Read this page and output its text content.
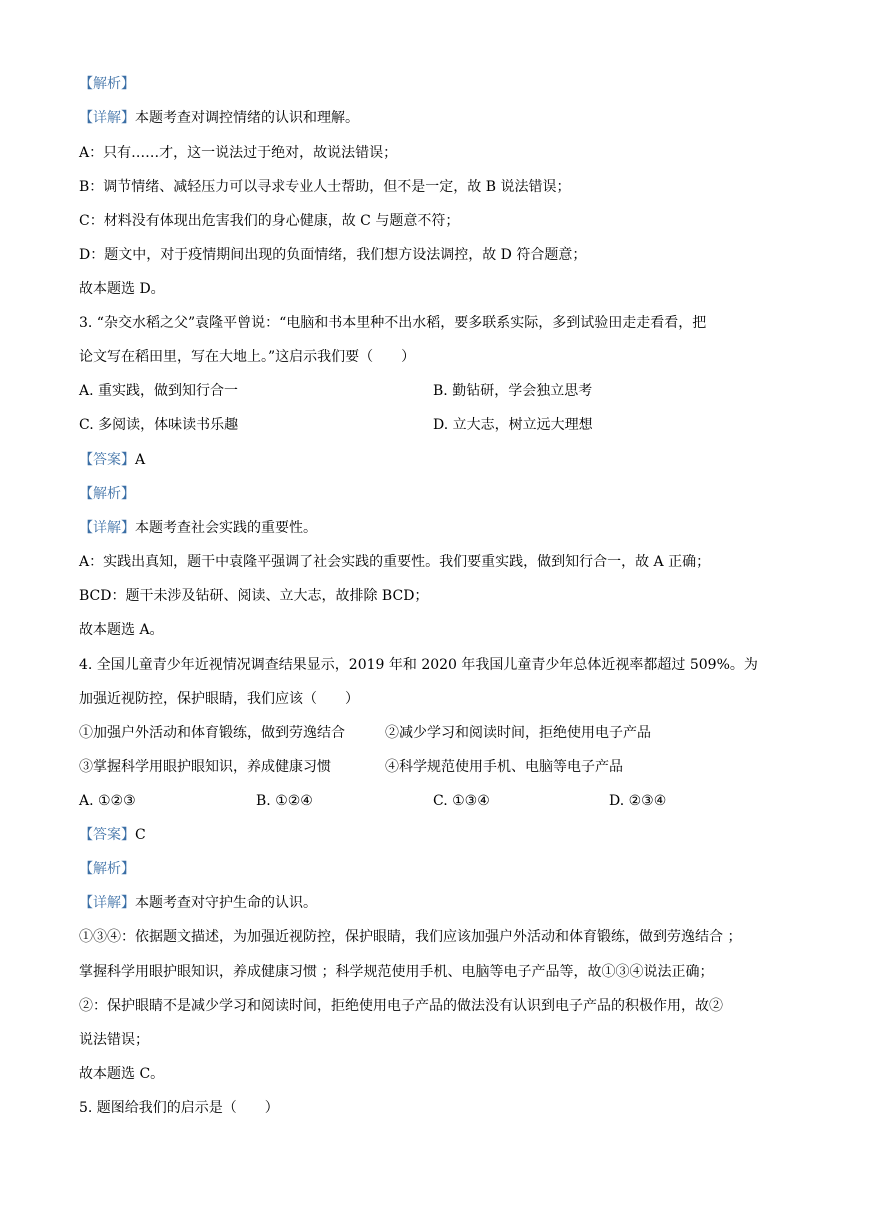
【解析】
【详解】本题考查对调控情绪的认识和理解。
A：只有……才，这一说法过于绝对，故说法错误；
B：调节情绪、减轻压力可以寻求专业人士帮助，但不是一定，故 B 说法错误；
C：材料没有体现出危害我们的身心健康，故 C 与题意不符；
D：题文中，对于疫情期间出现的负面情绪，我们想方设法调控，故 D 符合题意；
故本题选 D。
3. “杂交水稻之父”袁隆平曾说：“电脑和书本里种不出水稻，要多联系实际，多到试验田走走看看，把
论文写在稻田里，写在大地上。”这启示我们要（　　）
A. 重实践，做到知行合一	B. 勤钻研，学会独立思考
C. 多阅读，体味读书乐趣	D. 立大志，树立远大理想
【答案】A
【解析】
【详解】本题考查社会实践的重要性。
A：实践出真知，题干中袁隆平强调了社会实践的重要性。我们要重实践，做到知行合一，故 A 正确；
BCD：题干未涉及钻研、阅读、立大志，故排除 BCD；
故本题选 A。
4. 全国儿童青少年近视情况调查结果显示，2019 年和 2020 年我国儿童青少年总体近视率都超过 509%。为
加强近视防控，保护眼睛，我们应该（　　）
①加强户外活动和体育锻练，做到劳逸结合	②减少学习和阅读时间，拒绝使用电子产品
③掌握科学用眼护眼知识，养成健康习惯	④科学规范使用手机、电脑等电子产品
A. ①②③	B. ①②④	C. ①③④	D. ②③④
【答案】C
【解析】
【详解】本题考查对守护生命的认识。
①③④：依据题文描述，为加强近视防控，保护眼睛，我们应该加强户外活动和体育锻练，做到劳逸结合 ；
掌握科学用眼护眼知识，养成健康习惯 ；科学规范使用手机、电脑等电子产品等，故①③④说法正确；
②：保护眼睛不是减少学习和阅读时间，拒绝使用电子产品的做法没有认识到电子产品的积极作用，故②
说法错误；
故本题选 C。
5. 题图给我们的启示是（　　）
